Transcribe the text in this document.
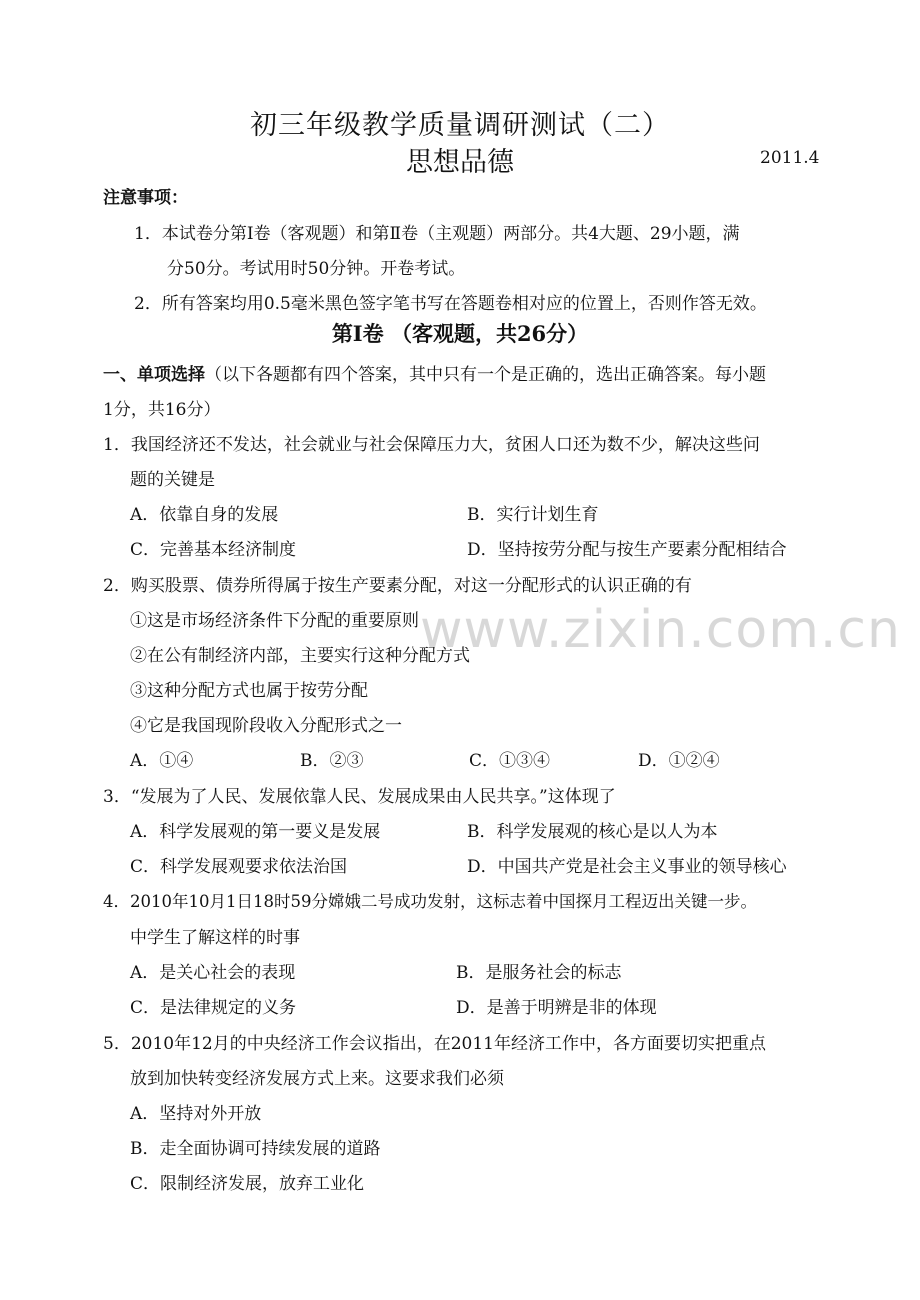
初三年级教学质量调研测试（二）
思想品德	2011.4
注意事项：
1．本试卷分第Ⅰ卷（客观题）和第Ⅱ卷（主观题）两部分。共4大题、29小题，满
分50分。考试用时50分钟。开卷考试。
2．所有答案均用0.5毫米黑色签字笔书写在答题卷相对应的位置上，否则作答无效。
第Ⅰ卷 （客观题，共26分）
一、单项选择（以下各题都有四个答案，其中只有一个是正确的，选出正确答案。每小题
1分，共16分）
1．我国经济还不发达，社会就业与社会保障压力大，贫困人口还为数不少，解决这些问
题的关键是
A．依靠自身的发展	B．实行计划生育
C．完善基本经济制度	D．坚持按劳分配与按生产要素分配相结合
2．购买股票、债券所得属于按生产要素分配，对这一分配形式的认识正确的有
①这是市场经济条件下分配的重要原则
②在公有制经济内部，主要实行这种分配方式
③这种分配方式也属于按劳分配
④它是我国现阶段收入分配形式之一
A．①④	B．②③	C．①③④	D．①②④
3．“发展为了人民、发展依靠人民、发展成果由人民共享。”这体现了
A．科学发展观的第一要义是发展	B．科学发展观的核心是以人为本
C．科学发展观要求依法治国	D．中国共产党是社会主义事业的领导核心
4．2010年10月1日18时59分嫦娥二号成功发射，这标志着中国探月工程迈出关键一步。
中学生了解这样的时事
A．是关心社会的表现	B．是服务社会的标志
C．是法律规定的义务	D．是善于明辨是非的体现
5．2010年12月的中央经济工作会议指出，在2011年经济工作中，各方面要切实把重点
放到加快转变经济发展方式上来。这要求我们必须
A．坚持对外开放
B．走全面协调可持续发展的道路
C．限制经济发展，放弃工业化
www.zixin.com.cn
